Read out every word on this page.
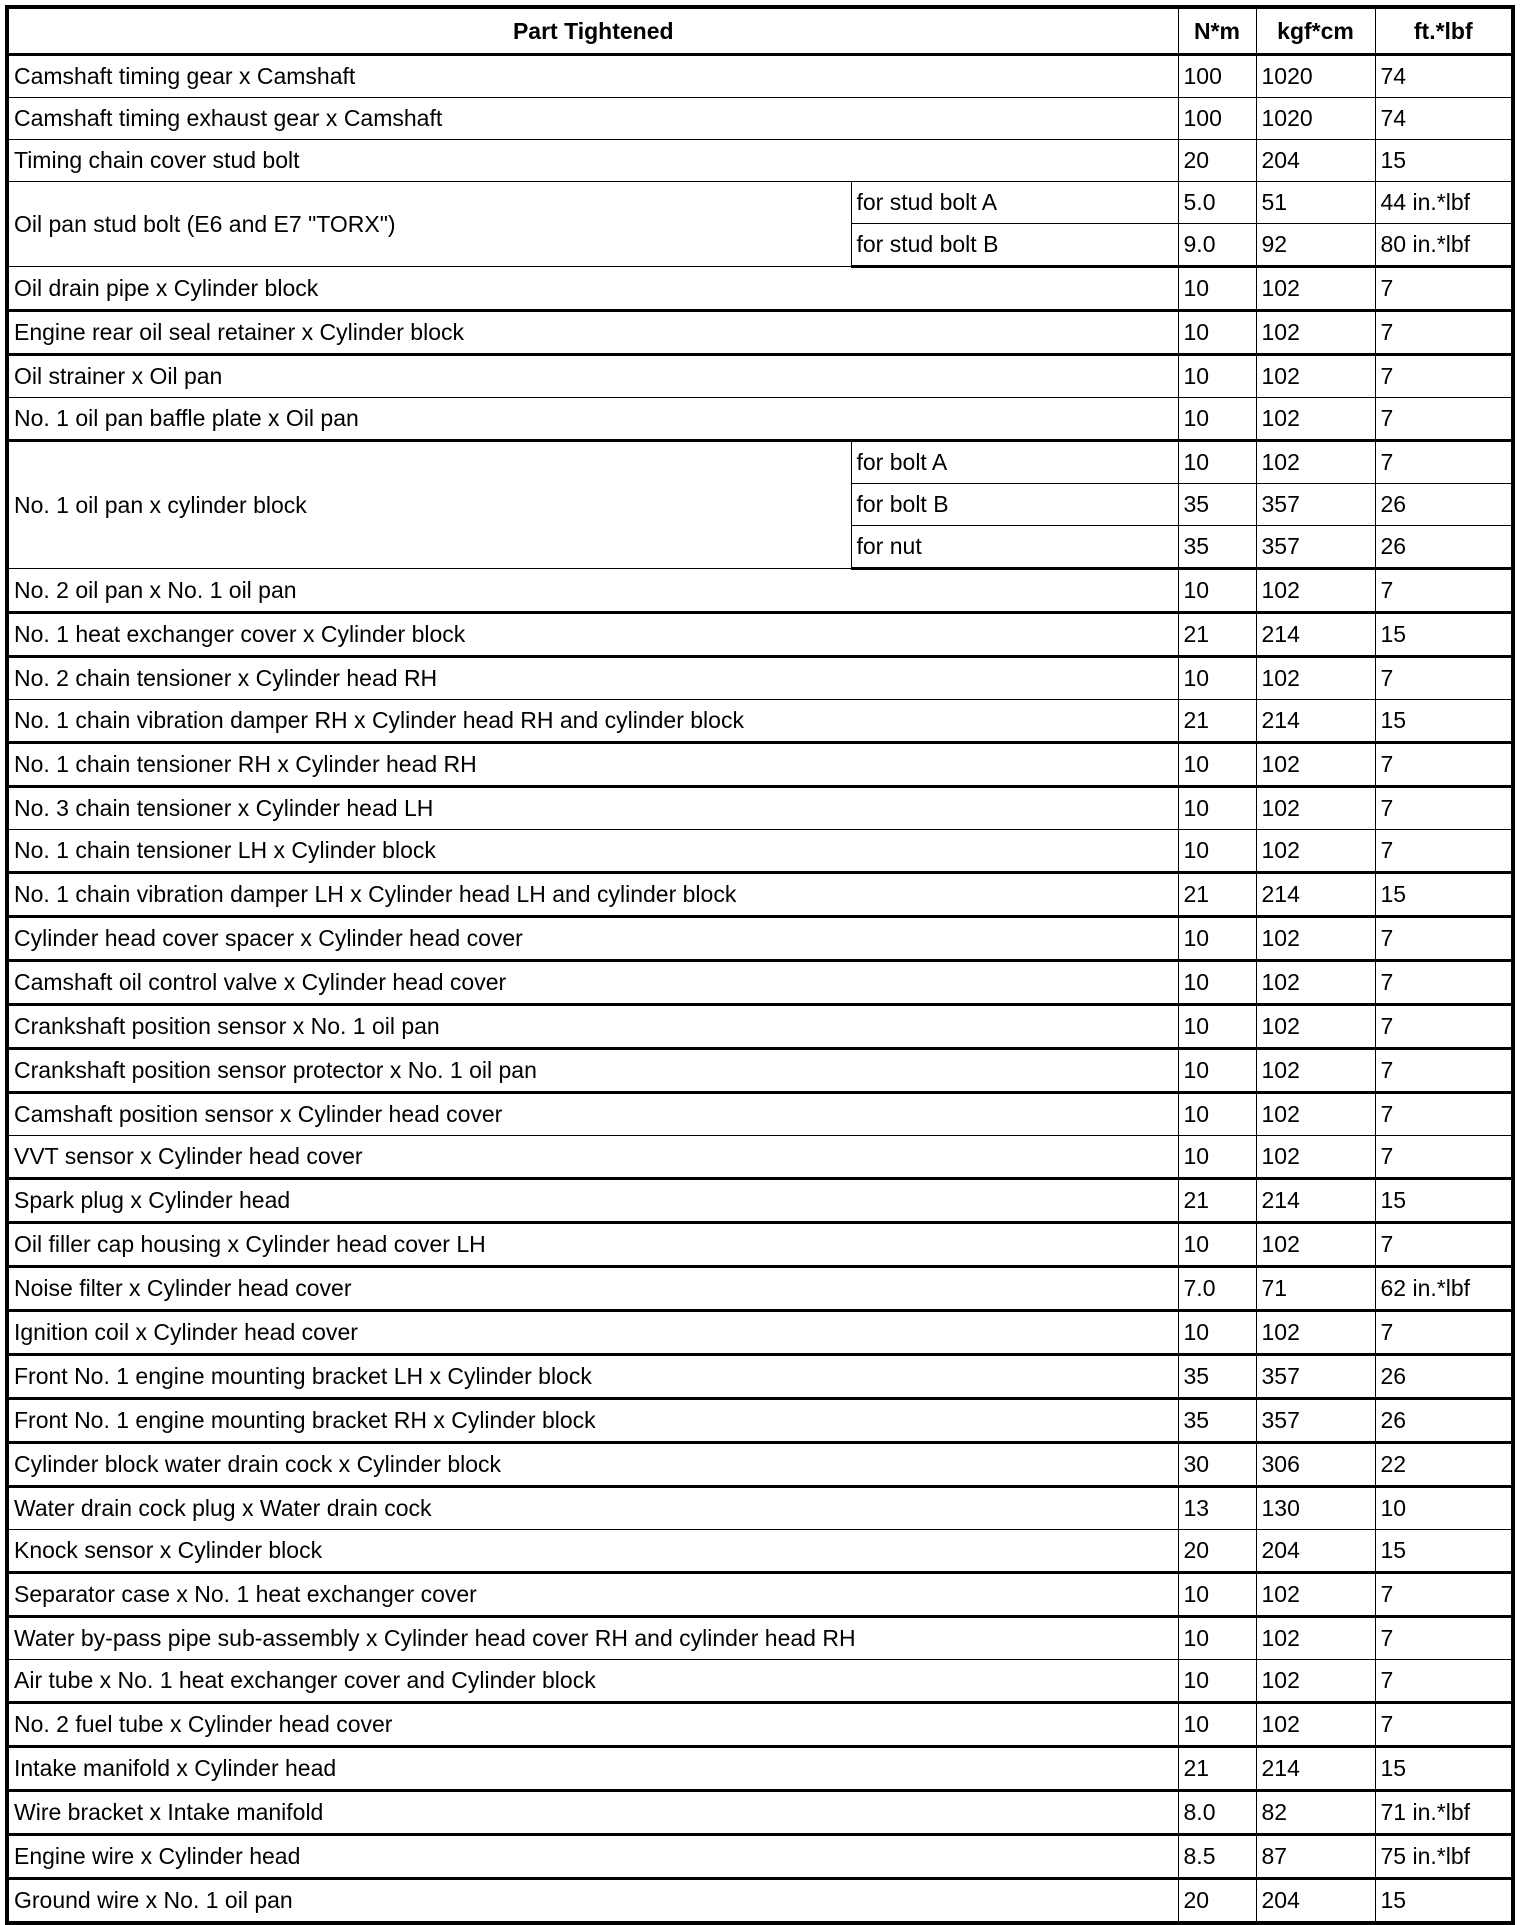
Part Tightened		N*m	kgf*cm	ft.*lbf
Camshaft timing gear x Camshaft		100	1020	74
Camshaft timing exhaust gear x Camshaft		100	1020	74
Timing chain cover stud bolt		20	204	15
Oil pan stud bolt (E6 and E7 "TORX")	for stud bolt A	5.0	51	44 in.*lbf
	for stud bolt B	9.0	92	80 in.*lbf
Oil drain pipe x Cylinder block		10	102	7
Engine rear oil seal retainer x Cylinder block		10	102	7
Oil strainer x Oil pan		10	102	7
No. 1 oil pan baffle plate x Oil pan		10	102	7
No. 1 oil pan x cylinder block	for bolt A	10	102	7
	for bolt B	35	357	26
	for nut	35	357	26
No. 2 oil pan x No. 1 oil pan		10	102	7
No. 1 heat exchanger cover x Cylinder block		21	214	15
No. 2 chain tensioner x Cylinder head RH		10	102	7
No. 1 chain vibration damper RH x Cylinder head RH and cylinder block		21	214	15
No. 1 chain tensioner RH x Cylinder head RH		10	102	7
No. 3 chain tensioner x Cylinder head LH		10	102	7
No. 1 chain tensioner LH x Cylinder block		10	102	7
No. 1 chain vibration damper LH x Cylinder head LH and cylinder block		21	214	15
Cylinder head cover spacer x Cylinder head cover		10	102	7
Camshaft oil control valve x Cylinder head cover		10	102	7
Crankshaft position sensor x No. 1 oil pan		10	102	7
Crankshaft position sensor protector x No. 1 oil pan		10	102	7
Camshaft position sensor x Cylinder head cover		10	102	7
VVT sensor x Cylinder head cover		10	102	7
Spark plug x Cylinder head		21	214	15
Oil filler cap housing x Cylinder head cover LH		10	102	7
Noise filter x Cylinder head cover		7.0	71	62 in.*lbf
Ignition coil x Cylinder head cover		10	102	7
Front No. 1 engine mounting bracket LH x Cylinder block		35	357	26
Front No. 1 engine mounting bracket RH x Cylinder block		35	357	26
Cylinder block water drain cock x Cylinder block		30	306	22
Water drain cock plug x Water drain cock		13	130	10
Knock sensor x Cylinder block		20	204	15
Separator case x No. 1 heat exchanger cover		10	102	7
Water by-pass pipe sub-assembly x Cylinder head cover RH and cylinder head RH		10	102	7
Air tube x No. 1 heat exchanger cover and Cylinder block		10	102	7
No. 2 fuel tube x Cylinder head cover		10	102	7
Intake manifold x Cylinder head		21	214	15
Wire bracket x Intake manifold		8.0	82	71 in.*lbf
Engine wire x Cylinder head		8.5	87	75 in.*lbf
Ground wire x No. 1 oil pan		20	204	15
